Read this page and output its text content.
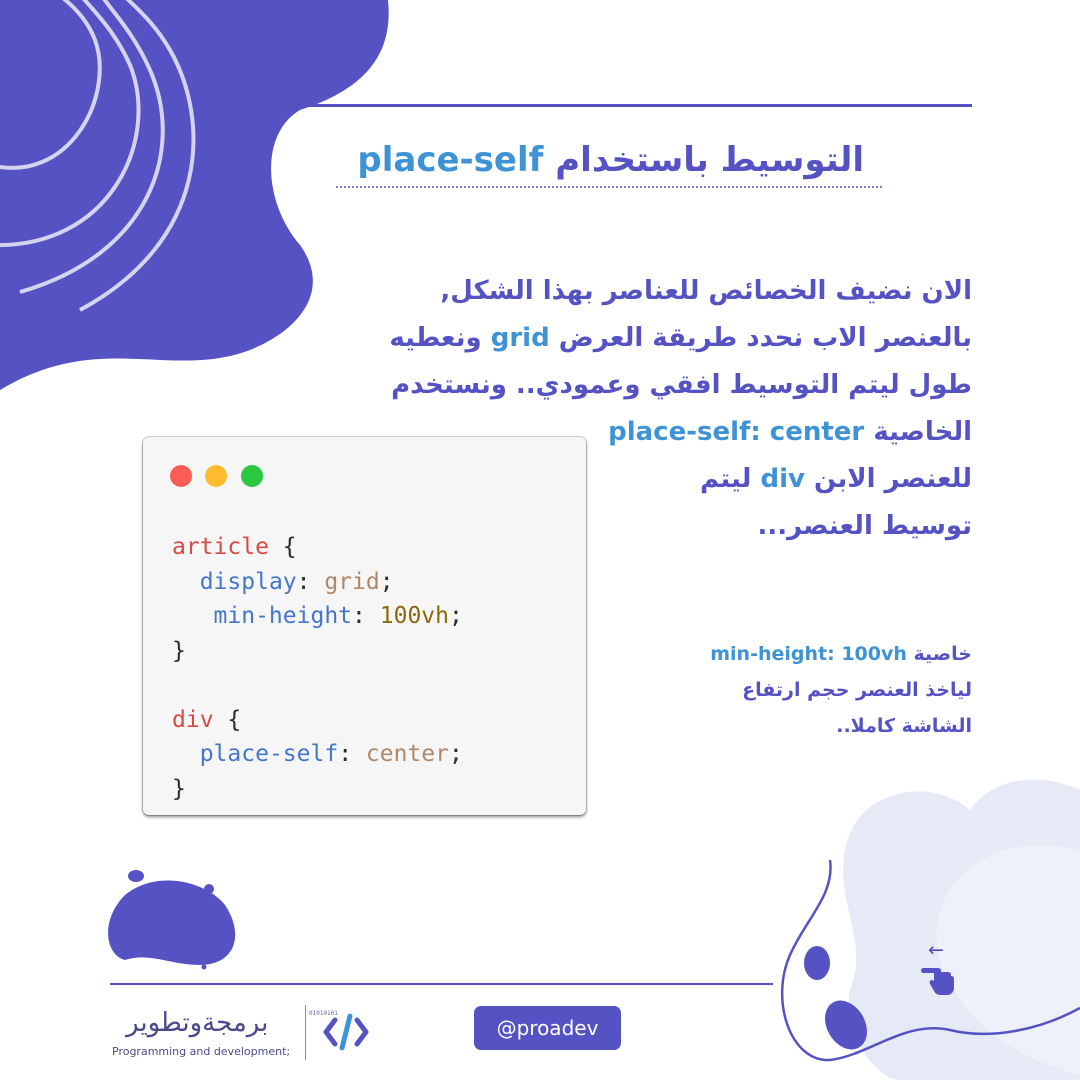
التوسيط باستخدام place-self
الان نضيف الخصائص للعناصر بهذا الشكل,
بالعنصر الاب نحدد طريقة العرض grid ونعطيه
طول ليتم التوسيط افقي وعمودي.. ونستخدم
الخاصية place-self: center
للعنصر الابن div ليتم
توسيط العنصر...
خاصية min-height: 100vh
لياخذ العنصر حجم ارتفاع
الشاشة كاملا..
article {
display: grid;
min-height: 100vh;
}

div {
place-self: center;
}
برمجةوتطوير
Programming and development;
01010101
@proadev
←
